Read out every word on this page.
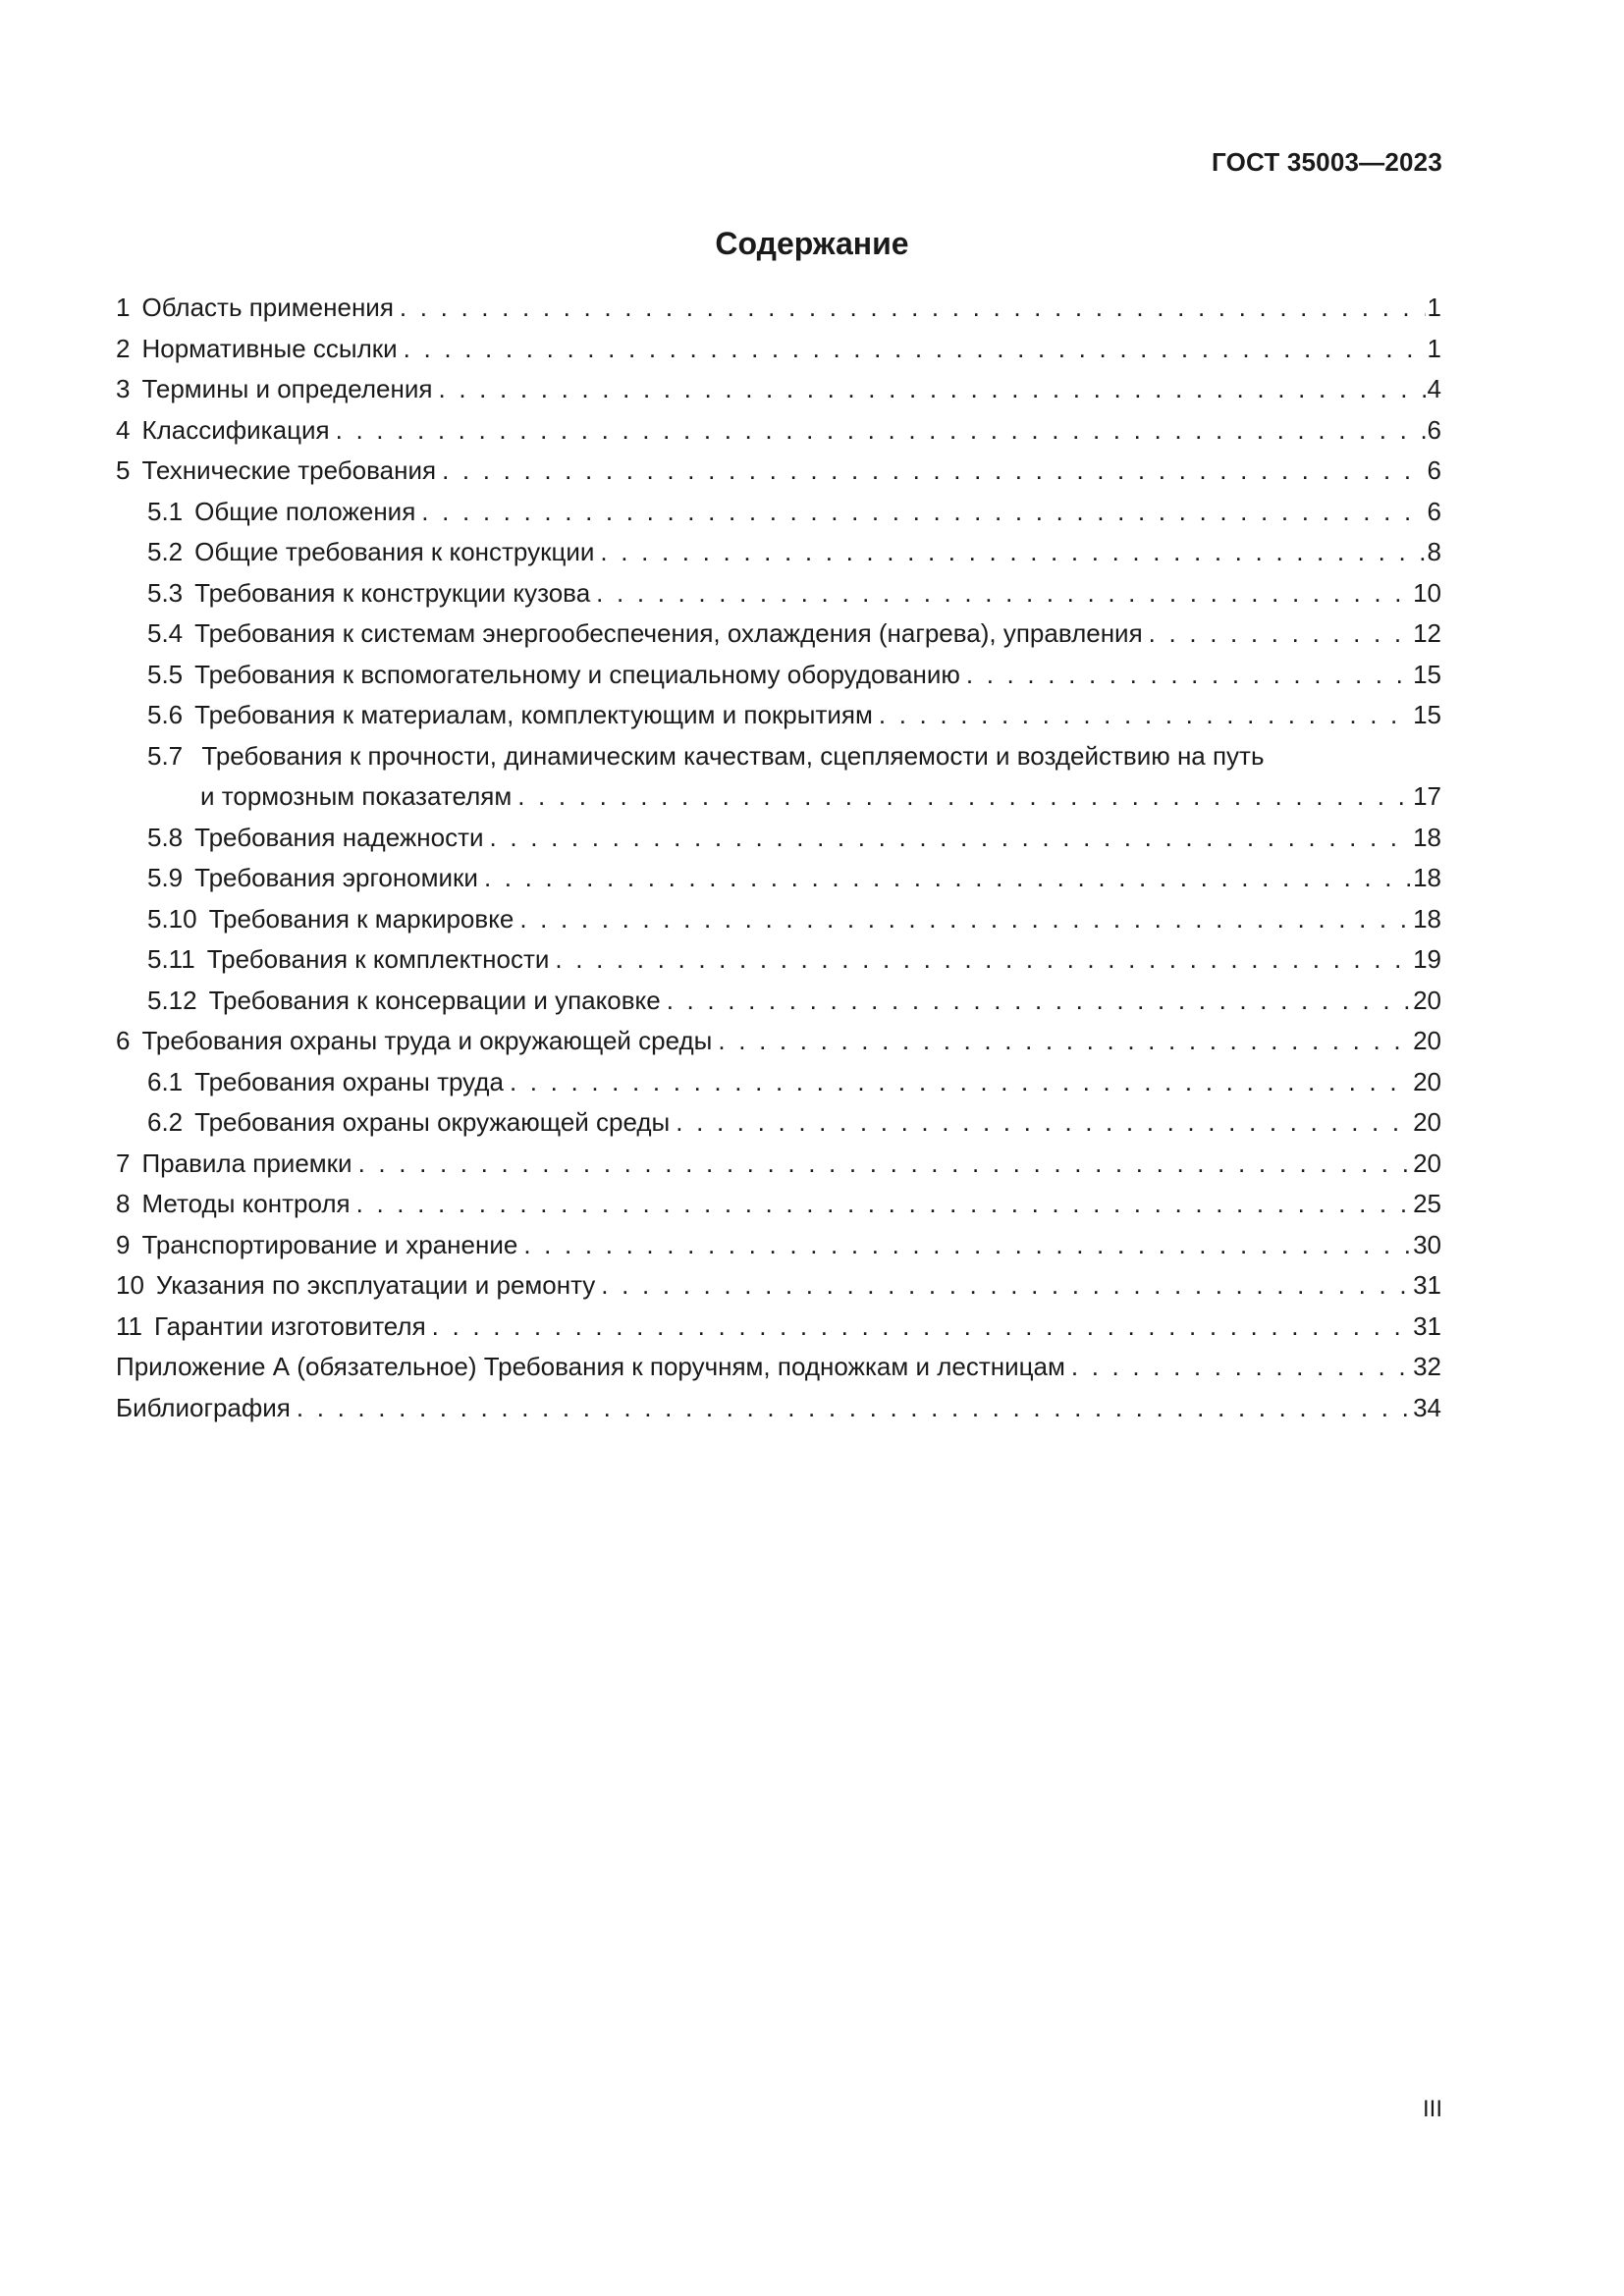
ГОСТ 35003—2023
Содержание
1 Область применения . . .	1
2 Нормативные ссылки . . .	1
3 Термины и определения . . .	4
4 Классификация . . .	6
5 Технические требования . . .	6
5.1 Общие положения . . .	6
5.2 Общие требования к конструкции . . .	8
5.3 Требования к конструкции кузова . . .	10
5.4 Требования к системам энергообеспечения, охлаждения (нагрева), управления . . .	12
5.5 Требования к вспомогательному и специальному оборудованию . . .	15
5.6 Требования к материалам, комплектующим и покрытиям . . .	15
5.7 Требования к прочности, динамическим качествам, сцепляемости и воздействию на путь
и тормозным показателям . . .	17
5.8 Требования надежности . . .	18
5.9 Требования эргономики . . .	18
5.10 Требования к маркировке . . .	18
5.11 Требования к комплектности . . .	19
5.12 Требования к консервации и упаковке . . .	20
6 Требования охраны труда и окружающей среды . . .	20
6.1 Требования охраны труда . . .	20
6.2 Требования охраны окружающей среды . . .	20
7 Правила приемки . . .	20
8 Методы контроля . . .	25
9 Транспортирование и хранение . . .	30
10 Указания по эксплуатации и ремонту . . .	31
11 Гарантии изготовителя . . .	31
Приложение А (обязательное) Требования к поручням, подножкам и лестницам . . .	32
Библиография . . .	34
III
